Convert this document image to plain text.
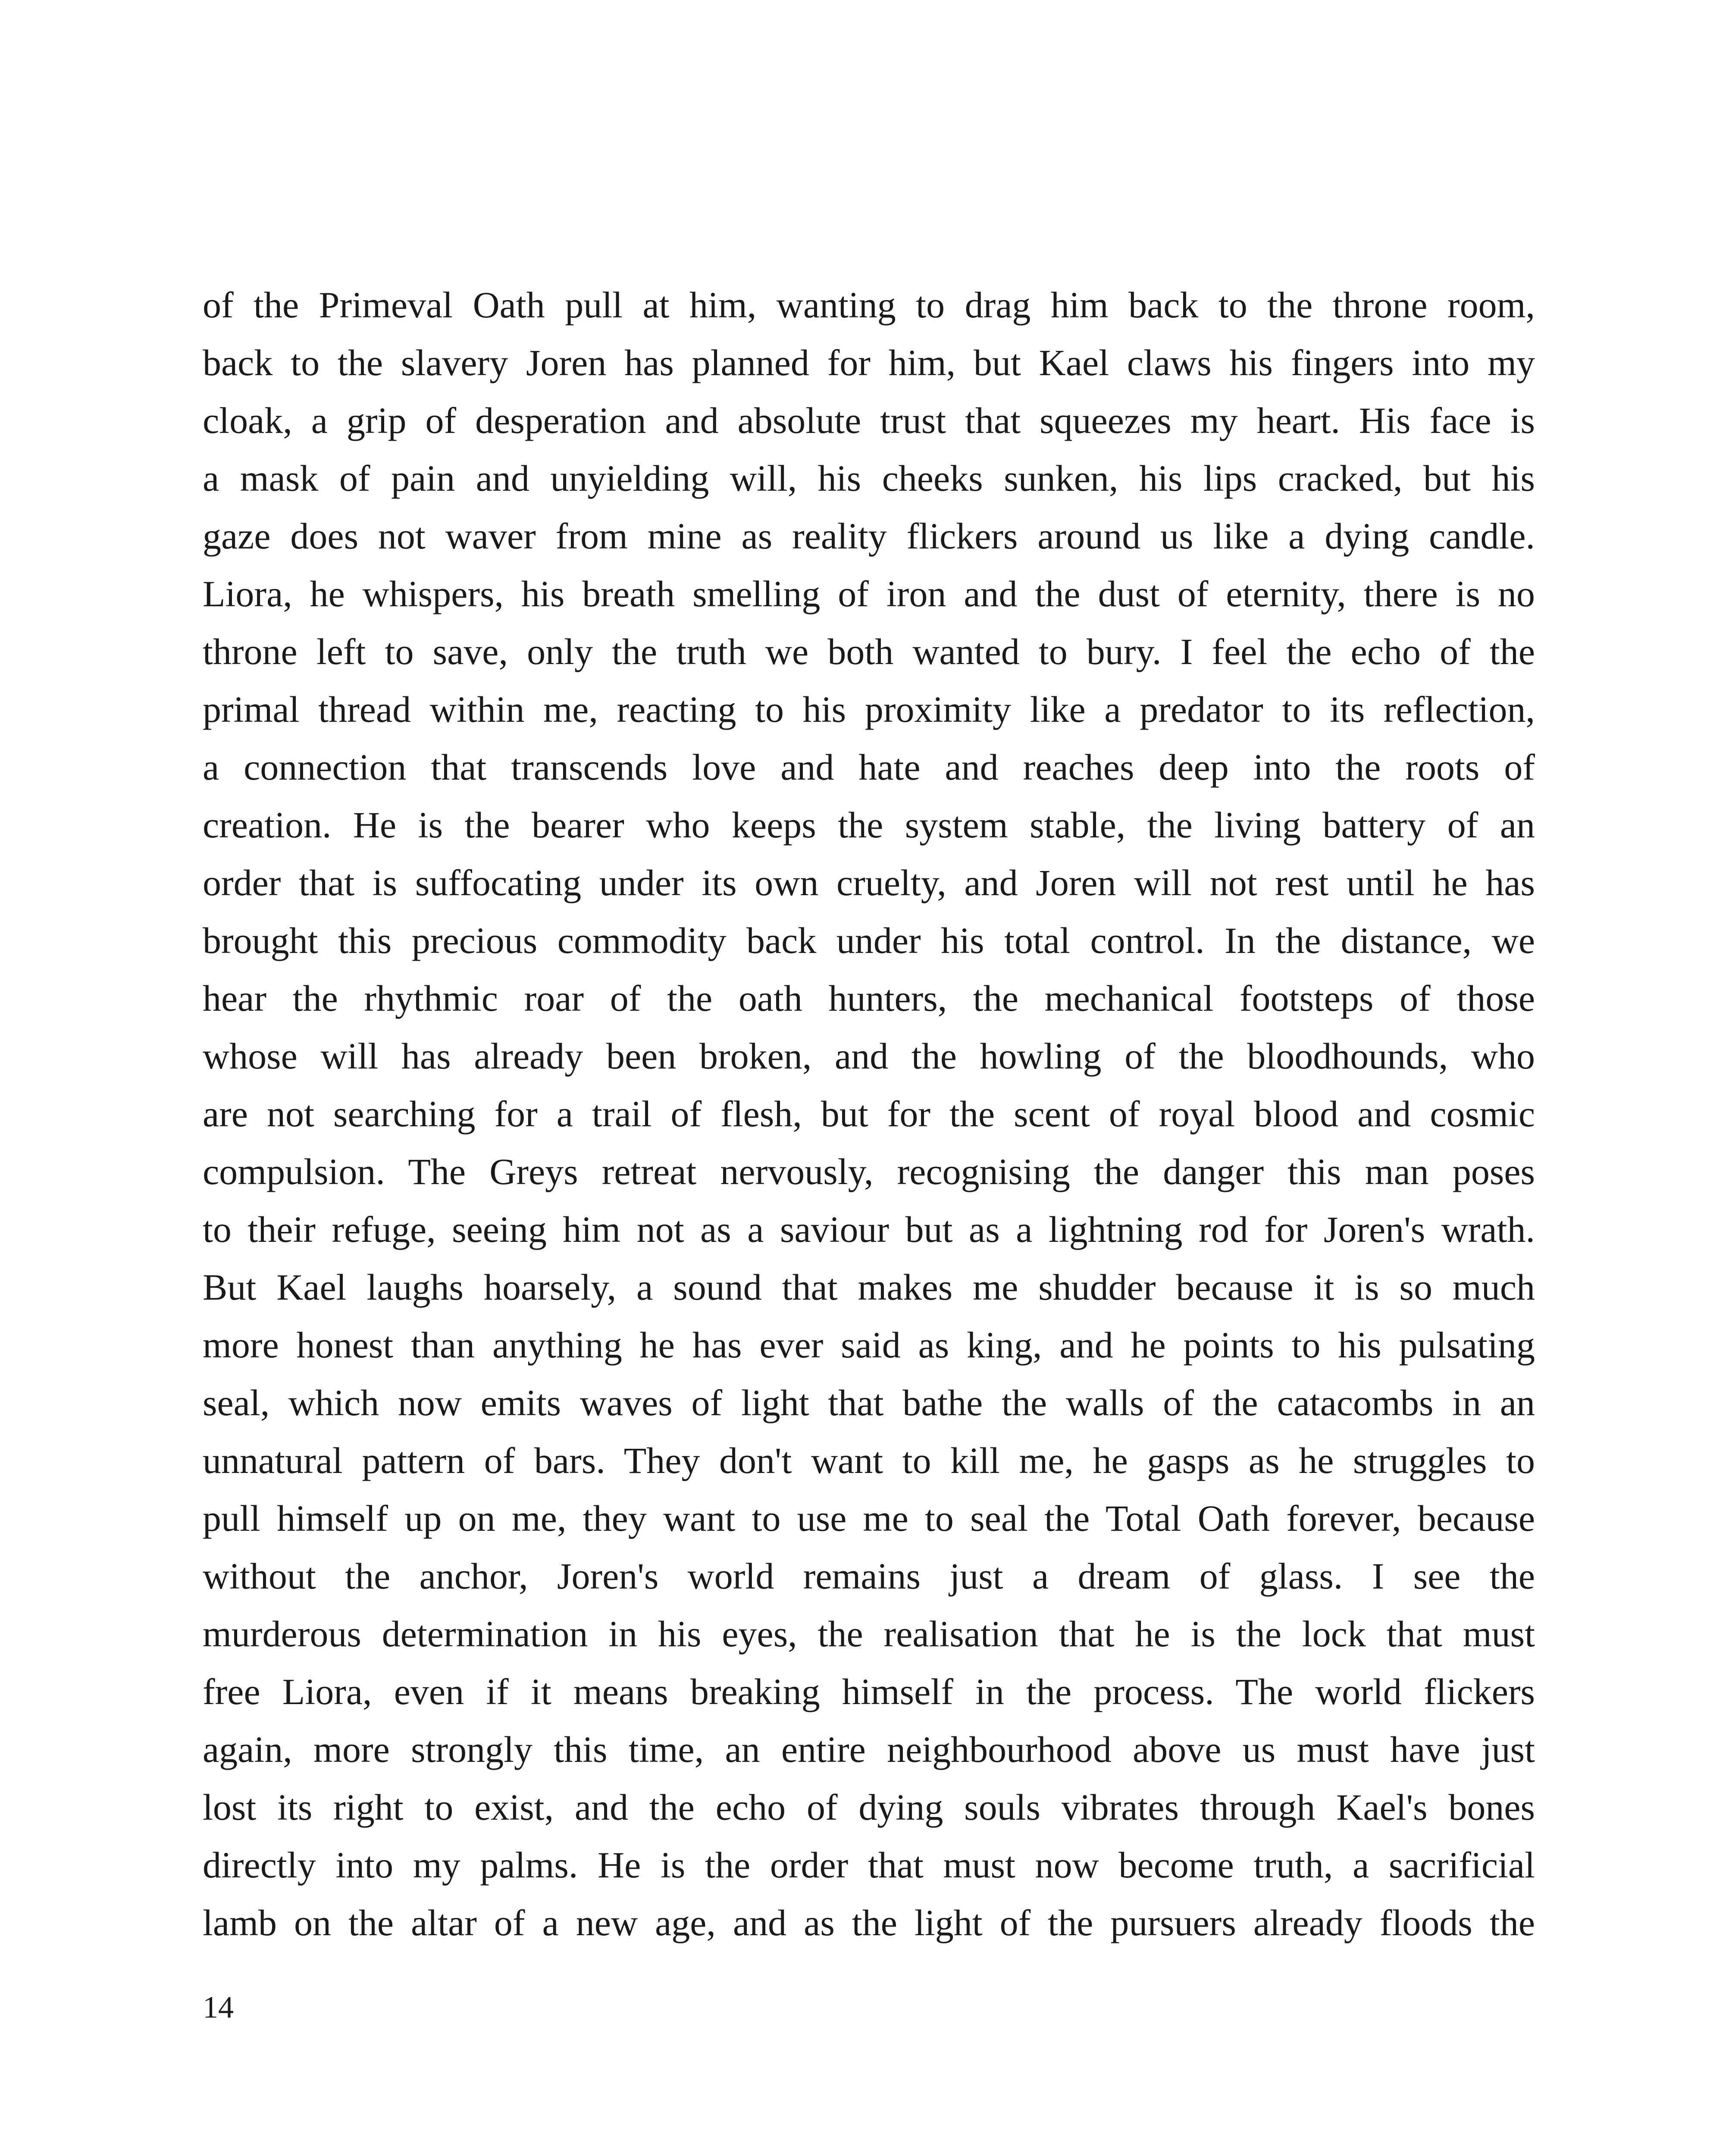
of the Primeval Oath pull at him, wanting to drag him back to the throne room,
back to the slavery Joren has planned for him, but Kael claws his fingers into my
cloak, a grip of desperation and absolute trust that squeezes my heart. His face is
a mask of pain and unyielding will, his cheeks sunken, his lips cracked, but his
gaze does not waver from mine as reality flickers around us like a dying candle.
Liora, he whispers, his breath smelling of iron and the dust of eternity, there is no
throne left to save, only the truth we both wanted to bury. I feel the echo of the
primal thread within me, reacting to his proximity like a predator to its reflection,
a connection that transcends love and hate and reaches deep into the roots of
creation. He is the bearer who keeps the system stable, the living battery of an
order that is suffocating under its own cruelty, and Joren will not rest until he has
brought this precious commodity back under his total control. In the distance, we
hear the rhythmic roar of the oath hunters, the mechanical footsteps of those
whose will has already been broken, and the howling of the bloodhounds, who
are not searching for a trail of flesh, but for the scent of royal blood and cosmic
compulsion. The Greys retreat nervously, recognising the danger this man poses
to their refuge, seeing him not as a saviour but as a lightning rod for Joren's wrath.
But Kael laughs hoarsely, a sound that makes me shudder because it is so much
more honest than anything he has ever said as king, and he points to his pulsating
seal, which now emits waves of light that bathe the walls of the catacombs in an
unnatural pattern of bars. They don't want to kill me, he gasps as he struggles to
pull himself up on me, they want to use me to seal the Total Oath forever, because
without the anchor, Joren's world remains just a dream of glass. I see the
murderous determination in his eyes, the realisation that he is the lock that must
free Liora, even if it means breaking himself in the process. The world flickers
again, more strongly this time, an entire neighbourhood above us must have just
lost its right to exist, and the echo of dying souls vibrates through Kael's bones
directly into my palms. He is the order that must now become truth, a sacrificial
lamb on the altar of a new age, and as the light of the pursuers already floods the
14
